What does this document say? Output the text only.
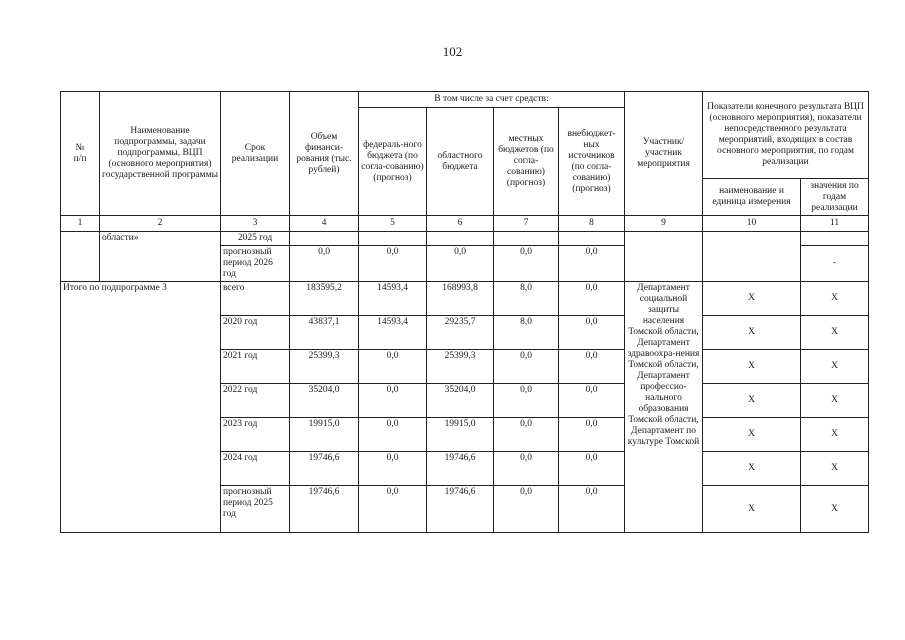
102
№
п/п	Наименование подпрограммы, задачи подпрограммы, ВЦП (основного мероприятия) государственной программы	Срок реализации	Объем финанси-рования (тыс. рублей)	В том числе за счет средств:				Участник/ участник мероприятия	Показатели конечного результата ВЦП (основного мероприятия), показатели непосредственного результата мероприятий, входящих в состав основного мероприятия, по годам реализации	
				федераль-ного бюджета (по согла-сованию) (прогноз)	областного бюджета	местных бюджетов (по согла-сованию) (прогноз)	внебюджет-ных источников (по согла-сованию) (прогноз)			
									наименование и единица измерения	значения по годам реализации
1	2	3	4	5	6	7	8	9	10	11
	области»	2025 год								
		прогнозный период 2026 год	0,0	0,0	0,0	0,0	0,0			-
Итого по подпрограмме 3		всего	183595,2	14593,4	168993,8	8,0	0,0	Департамент социальной защиты населения Томской области, Департамент здравоохра-нения Томской области, Департамент профессио-нального образования Томской области, Департамент по культуре Томской	Х	Х
		2020 год	43837,1	14593,4	29235,7	8,0	0,0		Х	Х
		2021 год	25399,3	0,0	25399,3	0,0	0,0		Х	Х
		2022 год	35204,0	0,0	35204,0	0,0	0,0		Х	Х
		2023 год	19915,0	0,0	19915,0	0,0	0,0		Х	Х
		2024 год	19746,6	0,0	19746,6	0,0	0,0		Х	Х
		прогнозный период 2025 год	19746,6	0,0	19746,6	0,0	0,0		Х	Х
